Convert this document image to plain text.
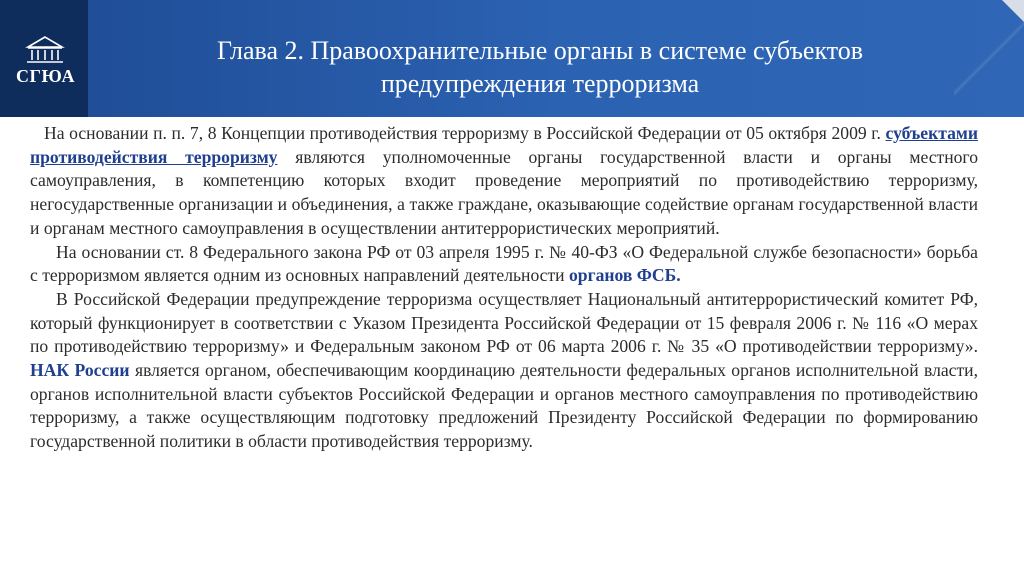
СГЮА
Глава 2. Правоохранительные органы в системе субъектов
предупреждения терроризма

На основании п. п. 7, 8 Концепции противодействия терроризму в Российской Федерации от 05 октября 2009 г. субъектами противодействия терроризму являются уполномоченные органы государственной власти и органы местного самоуправления, в компетенцию которых входит проведение мероприятий по противодействию терроризму, негосударственные организации и объединения, а также граждане, оказывающие содействие органам государственной власти и органам местного самоуправления в осуществлении антитеррористических мероприятий.

На основании ст. 8 Федерального закона РФ от 03 апреля 1995 г. № 40-ФЗ «О Федеральной службе безопасности» борьба с терроризмом является одним из основных направлений деятельности органов ФСБ.

В Российской Федерации предупреждение терроризма осуществляет Национальный антитеррористический комитет РФ, который функционирует в соответствии с Указом Президента Российской Федерации от 15 февраля 2006 г. № 116 «О мерах по противодействию терроризму» и Федеральным законом РФ от 06 марта 2006 г. № 35 «О противодействии терроризму». НАК России является органом, обеспечивающим координацию деятельности федеральных органов исполнительной власти, органов исполнительной власти субъектов Российской Федерации и органов местного самоуправления по противодействию терроризму, а также осуществляющим подготовку предложений Президенту Российской Федерации по формированию государственной политики в области противодействия терроризму.
